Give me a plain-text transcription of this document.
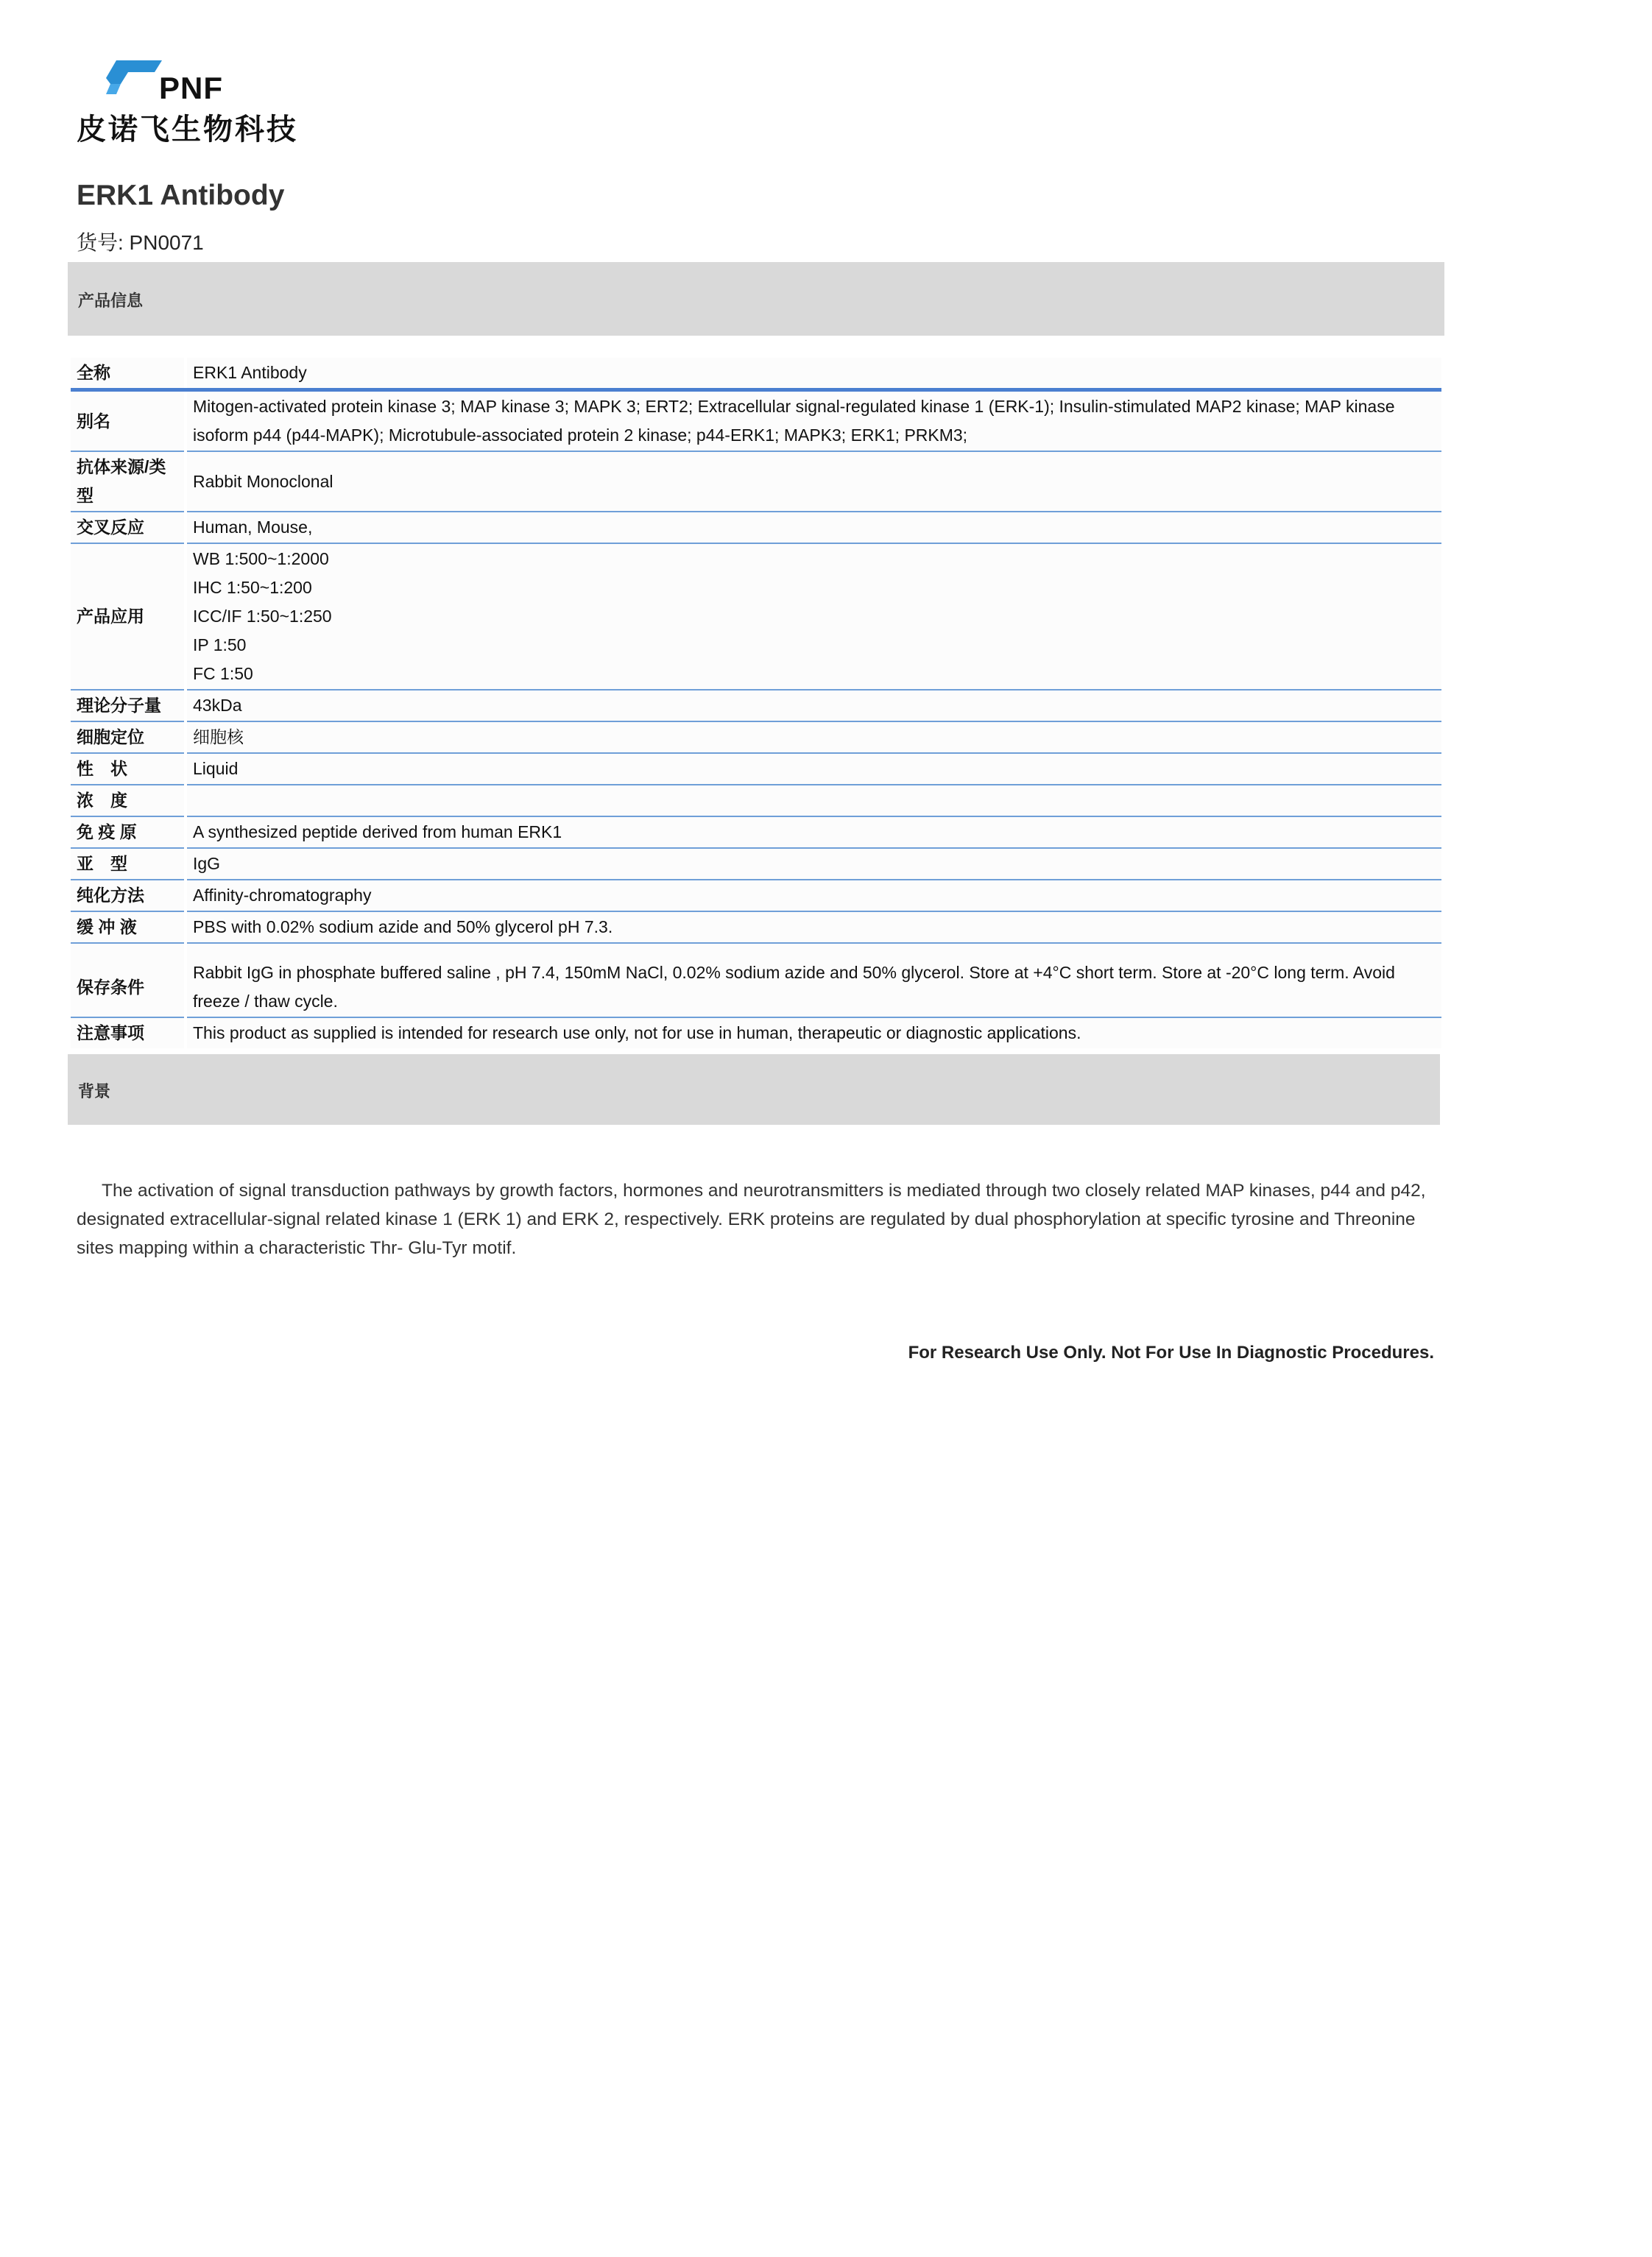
PNF
皮诺飞生物科技
ERK1 Antibody
货号: PN0071
产品信息
全称	ERK1 Antibody
别名	Mitogen-activated protein kinase 3; MAP kinase 3; MAPK 3; ERT2; Extracellular signal-regulated kinase 1 (ERK-1); Insulin-stimulated MAP2 kinase; MAP kinase isoform p44 (p44-MAPK); Microtubule-associated protein 2 kinase; p44-ERK1; MAPK3; ERK1; PRKM3;
抗体来源/类型	Rabbit Monoclonal
交叉反应	Human, Mouse,
产品应用	WB 1:500~1:2000
IHC 1:50~1:200
ICC/IF 1:50~1:250
IP 1:50
FC 1:50

理论分子量	43kDa
细胞定位	细胞核
性　状	Liquid
浓　度	
免 疫 原	A synthesized peptide derived from human ERK1
亚　型	IgG
纯化方法	Affinity-chromatography
缓 冲 液	PBS with 0.02% sodium azide and 50% glycerol pH 7.3.
保存条件	Rabbit IgG in phosphate buffered saline , pH 7.4, 150mM NaCl, 0.02% sodium azide and 50% glycerol. Store at +4°C short term. Store at -20°C long term. Avoid freeze / thaw cycle.
注意事项	This product as supplied is intended for research use only, not for use in human, therapeutic or diagnostic applications.
背景
The activation of signal transduction pathways by growth factors, hormones and neurotransmitters is mediated through two closely related MAP kinases, p44 and p42, designated extracellular-signal related kinase 1 (ERK 1) and ERK 2, respectively. ERK proteins are regulated by dual phosphorylation at specific tyrosine and Threonine sites mapping within a characteristic Thr- Glu-Tyr motif.
For Research Use Only. Not For Use In Diagnostic Procedures.
